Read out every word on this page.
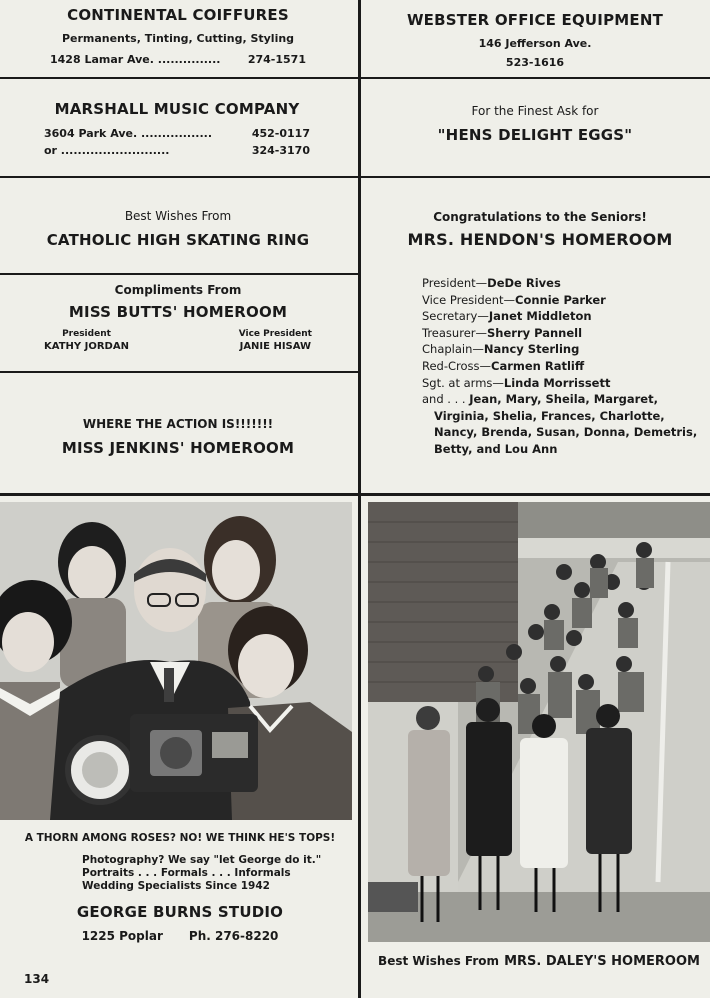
CONTINENTAL COIFFURES
Permanents, Tinting, Cutting, Styling
1428 Lamar Ave. ............... 274-1571
WEBSTER OFFICE EQUIPMENT
146 Jefferson Ave.
523-1616
MARSHALL MUSIC COMPANY
3604 Park Ave. .................	452-0117
or ..........................	324-3170
For the Finest Ask for
"HENS DELIGHT EGGS"
Best Wishes From
CATHOLIC HIGH SKATING RING
Compliments From
MISS BUTTS' HOMEROOM
President
KATHY JORDAN
Vice President
JANIE HISAW
WHERE THE ACTION IS!!!!!!!
MISS JENKINS' HOMEROOM
Congratulations to the Seniors!
MRS. HENDON'S HOMEROOM
President—DeDe Rives
Vice President—Connie Parker
Secretary—Janet Middleton
Treasurer—Sherry Pannell
Chaplain—Nancy Sterling
Red-Cross—Carmen Ratliff
Sgt. at arms—Linda Morrissett
and . . . Jean, Mary, Sheila, Margaret,
Virginia, Shelia, Frances, Charlotte,
Nancy, Brenda, Susan, Donna, Demetris,
Betty, and Lou Ann
A THORN AMONG ROSES? NO! WE THINK HE'S TOPS!
Photography? We say "let George do it."
Portraits . . . Formals . . . Informals
Wedding Specialists Since 1942
GEORGE BURNS STUDIO
1225 Poplar Ph. 276-8220
Best Wishes From MRS. DALEY'S HOMEROOM
134
